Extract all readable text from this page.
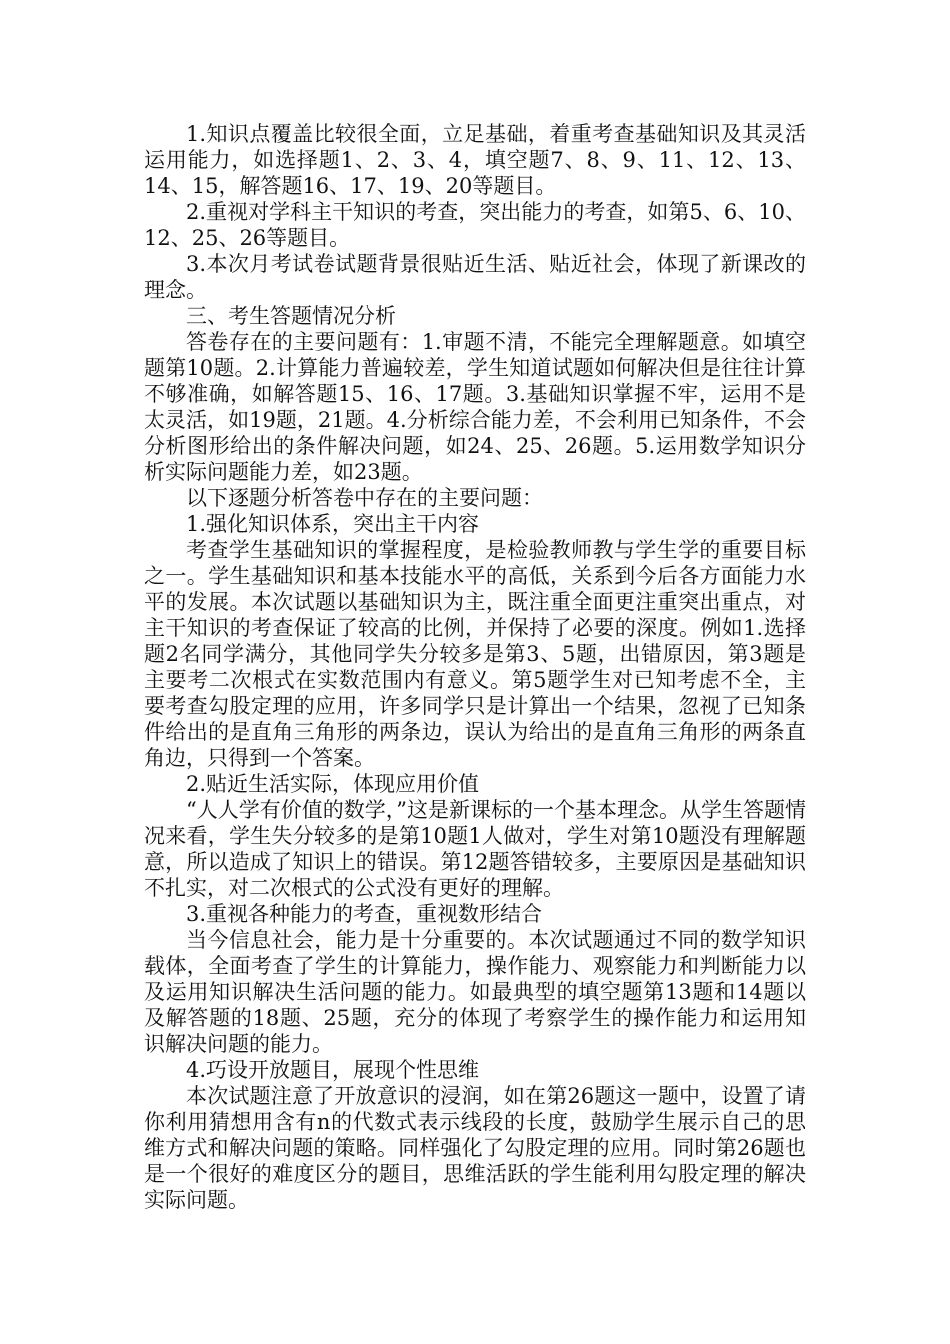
1.知识点覆盖比较很全面，立足基础，着重考查基础知识及其灵活运用能力，如选择题1、2、3、4，填空题7、8、9、11、12、13、14、15，解答题16、17、19、20等题目。

2.重视对学科主干知识的考查，突出能力的考查，如第5、6、10、12、25、26等题目。

3.本次月考试卷试题背景很贴近生活、贴近社会，体现了新课改的理念。

三、考生答题情况分析

答卷存在的主要问题有：1.审题不清，不能完全理解题意。如填空题第10题。2.计算能力普遍较差，学生知道试题如何解决但是往往计算不够准确，如解答题15、16、17题。3.基础知识掌握不牢，运用不是太灵活，如19题，21题。4.分析综合能力差，不会利用已知条件，不会分析图形给出的条件解决问题，如24、25、26题。5.运用数学知识分析实际问题能力差，如23题。

以下逐题分析答卷中存在的主要问题：

1.强化知识体系，突出主干内容

考查学生基础知识的掌握程度，是检验教师教与学生学的重要目标之一。学生基础知识和基本技能水平的高低，关系到今后各方面能力水平的发展。本次试题以基础知识为主，既注重全面更注重突出重点，对主干知识的考查保证了较高的比例，并保持了必要的深度。例如1.选择题2名同学满分，其他同学失分较多是第3、5题，出错原因，第3题是主要考二次根式在实数范围内有意义。第5题学生对已知考虑不全，主要考查勾股定理的应用，许多同学只是计算出一个结果，忽视了已知条件给出的是直角三角形的两条边，误认为给出的是直角三角形的两条直角边，只得到一个答案。

2.贴近生活实际，体现应用价值

“人人学有价值的数学，”这是新课标的一个基本理念。从学生答题情况来看，学生失分较多的是第10题1人做对，学生对第10题没有理解题意，所以造成了知识上的错误。第12题答错较多，主要原因是基础知识不扎实，对二次根式的公式没有更好的理解。

3.重视各种能力的考查，重视数形结合

当今信息社会，能力是十分重要的。本次试题通过不同的数学知识载体，全面考查了学生的计算能力，操作能力、观察能力和判断能力以及运用知识解决生活问题的能力。如最典型的填空题第13题和14题以及解答题的18题、25题，充分的体现了考察学生的操作能力和运用知识解决问题的能力。

4.巧设开放题目，展现个性思维

本次试题注意了开放意识的浸润，如在第26题这一题中，设置了请你利用猜想用含有n的代数式表示线段的长度，鼓励学生展示自己的思维方式和解决问题的策略。同样强化了勾股定理的应用。同时第26题也是一个很好的难度区分的题目，思维活跃的学生能利用勾股定理的解决实际问题。
